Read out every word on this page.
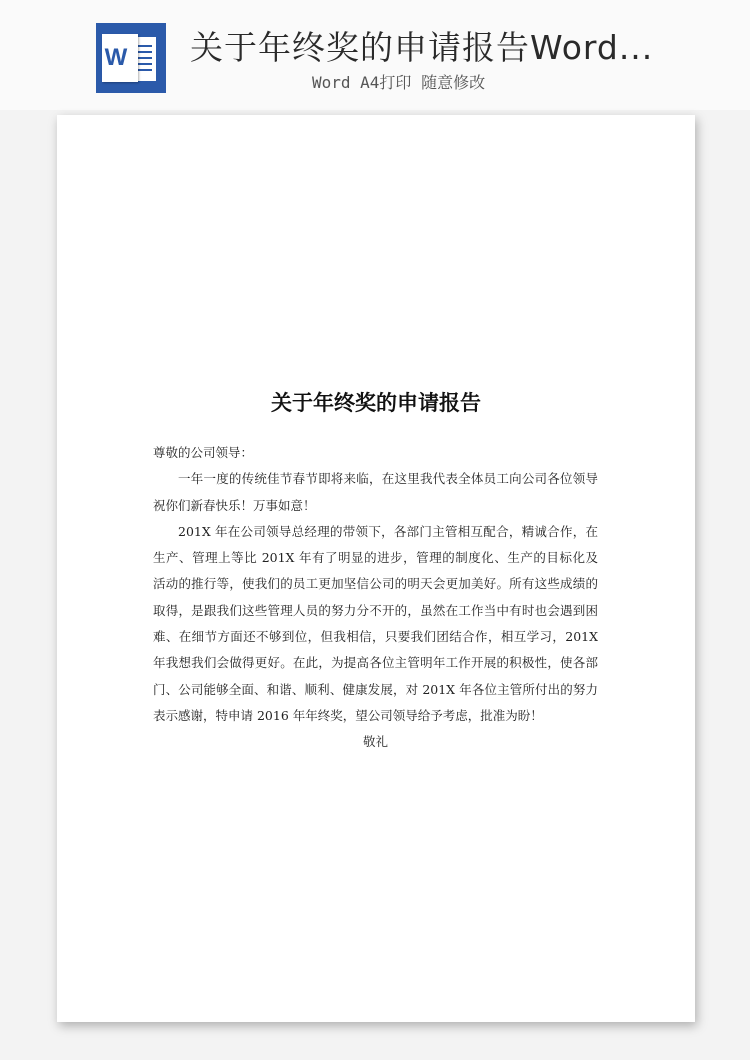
W	关于年终奖的申请报告Word...
Word A4打印 随意修改
关于年终奖的申请报告
尊敬的公司领导：
一年一度的传统佳节春节即将来临，在这里我代表全体员工向公司各位领导
祝你们新春快乐！万事如意！
201X 年在公司领导总经理的带领下，各部门主管相互配合，精诚合作，在
生产、管理上等比 201X 年有了明显的进步，管理的制度化、生产的目标化及
活动的推行等，使我们的员工更加坚信公司的明天会更加美好。所有这些成绩的
取得，是跟我们这些管理人员的努力分不开的，虽然在工作当中有时也会遇到困
难、在细节方面还不够到位，但我相信，只要我们团结合作，相互学习，201X
年我想我们会做得更好。在此，为提高各位主管明年工作开展的积极性，使各部
门、公司能够全面、和谐、顺利、健康发展，对 201X 年各位主管所付出的努力
表示感谢，特申请 2016 年年终奖，望公司领导给予考虑，批准为盼！
敬礼
